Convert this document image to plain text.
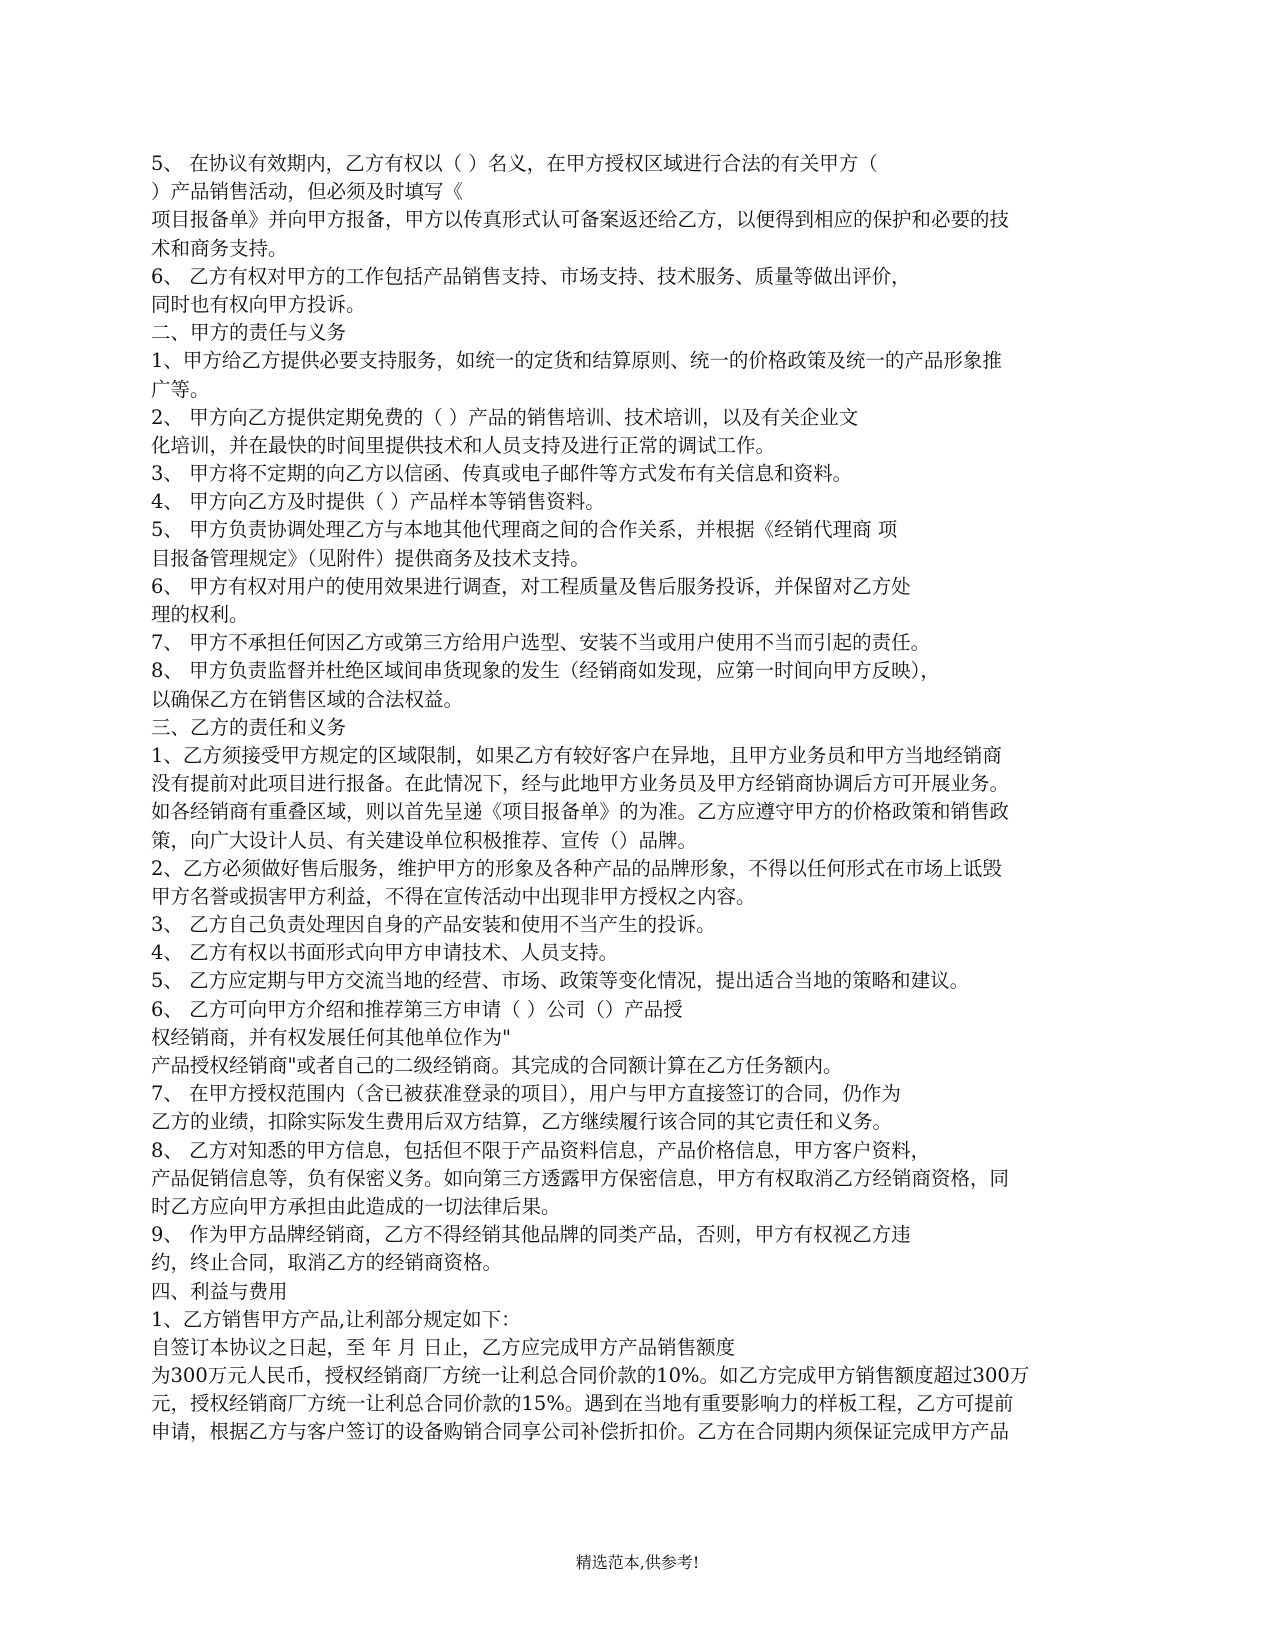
5、 在协议有效期内，乙方有权以（ ）名义，在甲方授权区域进行合法的有关甲方（
）产品销售活动，但必须及时填写《
项目报备单》并向甲方报备，甲方以传真形式认可备案返还给乙方，以便得到相应的保护和必要的技
术和商务支持。
6、 乙方有权对甲方的工作包括产品销售支持、市场支持、技术服务、质量等做出评价，
同时也有权向甲方投诉。
二、甲方的责任与义务
1、甲方给乙方提供必要支持服务，如统一的定货和结算原则、统一的价格政策及统一的产品形象推
广等。
2、 甲方向乙方提供定期免费的（ ）产品的销售培训、技术培训，以及有关企业文
化培训，并在最快的时间里提供技术和人员支持及进行正常的调试工作。
3、 甲方将不定期的向乙方以信函、传真或电子邮件等方式发布有关信息和资料。
4、 甲方向乙方及时提供（ ）产品样本等销售资料。
5、 甲方负责协调处理乙方与本地其他代理商之间的合作关系，并根据《经销代理商 项
目报备管理规定》（见附件）提供商务及技术支持。
6、 甲方有权对用户的使用效果进行调查，对工程质量及售后服务投诉，并保留对乙方处
理的权利。
7、 甲方不承担任何因乙方或第三方给用户选型、安装不当或用户使用不当而引起的责任。
8、 甲方负责监督并杜绝区域间串货现象的发生（经销商如发现，应第一时间向甲方反映），
以确保乙方在销售区域的合法权益。
三、乙方的责任和义务
1、乙方须接受甲方规定的区域限制，如果乙方有较好客户在异地，且甲方业务员和甲方当地经销商
没有提前对此项目进行报备。在此情况下，经与此地甲方业务员及甲方经销商协调后方可开展业务。
如各经销商有重叠区域，则以首先呈递《项目报备单》的为准。乙方应遵守甲方的价格政策和销售政
策，向广大设计人员、有关建设单位积极推荐、宣传（）品牌。
2、乙方必须做好售后服务，维护甲方的形象及各种产品的品牌形象，不得以任何形式在市场上诋毁
甲方名誉或损害甲方利益，不得在宣传活动中出现非甲方授权之内容。
3、 乙方自己负责处理因自身的产品安装和使用不当产生的投诉。
4、 乙方有权以书面形式向甲方申请技术、人员支持。
5、 乙方应定期与甲方交流当地的经营、市场、政策等变化情况，提出适合当地的策略和建议。
6、 乙方可向甲方介绍和推荐第三方申请（ ）公司（）产品授
权经销商，并有权发展任何其他单位作为"
产品授权经销商"或者自己的二级经销商。其完成的合同额计算在乙方任务额内。
7、 在甲方授权范围内（含已被获准登录的项目），用户与甲方直接签订的合同，仍作为
乙方的业绩，扣除实际发生费用后双方结算，乙方继续履行该合同的其它责任和义务。
8、 乙方对知悉的甲方信息，包括但不限于产品资料信息，产品价格信息，甲方客户资料，
产品促销信息等，负有保密义务。如向第三方透露甲方保密信息，甲方有权取消乙方经销商资格，同
时乙方应向甲方承担由此造成的一切法律后果。
9、 作为甲方品牌经销商，乙方不得经销其他品牌的同类产品，否则，甲方有权视乙方违
约，终止合同，取消乙方的经销商资格。
四、利益与费用
1、乙方销售甲方产品,让利部分规定如下：
自签订本协议之日起，至 年 月 日止，乙方应完成甲方产品销售额度
为300万元人民币，授权经销商厂方统一让利总合同价款的10%。如乙方完成甲方销售额度超过300万
元，授权经销商厂方统一让利总合同价款的15%。遇到在当地有重要影响力的样板工程，乙方可提前
申请，根据乙方与客户签订的设备购销合同享公司补偿折扣价。乙方在合同期内须保证完成甲方产品
精选范本,供参考!
